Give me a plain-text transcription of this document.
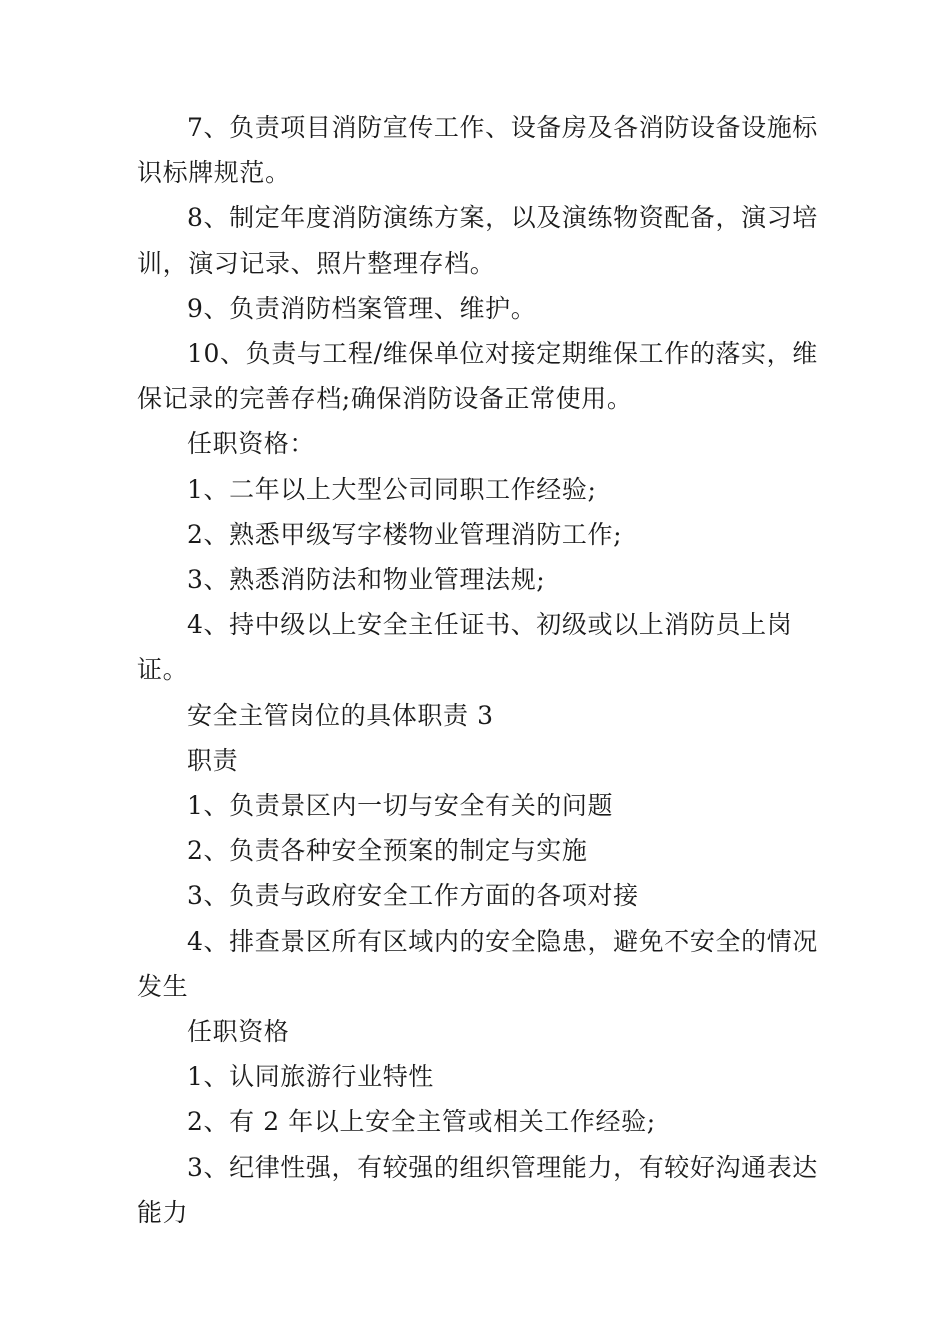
7、负责项目消防宣传工作、设备房及各消防设备设施标识标牌规范。

8、制定年度消防演练方案，以及演练物资配备，演习培训，演习记录、照片整理存档。

9、负责消防档案管理、维护。

10、负责与工程/维保单位对接定期维保工作的落实，维保记录的完善存档;确保消防设备正常使用。

任职资格：

1、二年以上大型公司同职工作经验;

2、熟悉甲级写字楼物业管理消防工作;

3、熟悉消防法和物业管理法规;

4、持中级以上安全主任证书、初级或以上消防员上岗证。

安全主管岗位的具体职责 3

职责

1、负责景区内一切与安全有关的问题

2、负责各种安全预案的制定与实施

3、负责与政府安全工作方面的各项对接

4、排查景区所有区域内的安全隐患，避免不安全的情况发生

任职资格

1、认同旅游行业特性

2、有 2 年以上安全主管或相关工作经验;

3、纪律性强，有较强的组织管理能力，有较好沟通表达能力
